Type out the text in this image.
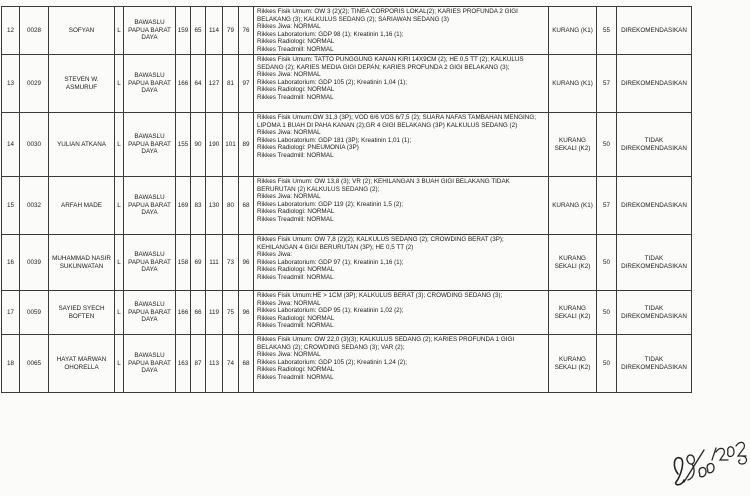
12	0028	SOFYAN	L	BAWASLU PAPUA BARAT DAYA	159	65	114	79	76	Rikkes Fisik Umum: OW 3 (2)(2); TINEA CORPORIS LOKAL(2); KARIES PROFUNDA 2 GIGI BELAKANG (3); KALKULUS SEDANG (2); SARIAWAN SEDANG (3)
Rikkes Jiwa: NORMAL
Rikkes Laboratorium: GDP 98 (1); Kreatinin 1,16 (1);
Rikkes Radiologi: NORMAL
Rikkes Treadmill: NORMAL	KURANG (K1)	55	DIREKOMENDASIKAN
13	0029	STEVEN W. ASMURUF	L	BAWASLU PAPUA BARAT DAYA	166	64	127	81	97	Rikkes Fisik Umum: TATTO PUNGGUNG KANAN KIRI 14X9CM (2); HE 0,5 TT (2); KALKULUS SEDANG (2); KARIES MEDIA GIGI DEPAN; KARIES PROFUNDA 2 GIGI BELAKANG (3);
Rikkes Jiwa: NORMAL
Rikkes Laboratorium: GDP 105 (2); Kreatinin 1,04 (1);
Rikkes Radiologi: NORMAL
Rikkes Treadmill: NORMAL	KURANG (K1)	57	DIREKOMENDASIKAN
14	0030	YULIAN ATKANA	L	BAWASLU PAPUA BARAT DAYA	155	90	190	101	89	Rikkes Fisik Umum:OW 31,3 (3P); VOD 6/6 VOS 6/7,5 (2); SUARA NAFAS TAMBAHAN MENGING; LIPOMA 1 BUAH DI PAHA KANAN (2);GR 4 GIGI BELAKANG (3P) KALKULUS SEDANG (2)
Rikkes Jiwa: NORMAL
Rikkes Laboratorium: GDP 181 (3P); Kreatinin 1,01 (1);
Rikkes Radiologi: PNEUMONIA (3P)
Rikkes Treadmill: NORMAL	KURANG SEKALI (K2)	50	TIDAK DIREKOMENDASIKAN
15	0032	ARFAH MADE	L	BAWASLU PAPUA BARAT DAYA	169	83	130	80	68	Rikkes Fisik Umum: OW 13,8 (3); VR (2); KEHILANGAN 3 BUAH GIGI BELAKANG TIDAK BERURUTAN (2) KALKULUS SEDANG (2);
Rikkes Jiwa: NORMAL
Rikkes Laboratorium: GDP 119 (2); Kreatinin 1,5 (2);
Rikkes Radiologi: NORMAL
Rikkes Treadmill: NORMAL	KURANG (K1)	57	DIREKOMENDASIKAN
16	0039	MUHAMMAD NASIR SUKUNWATAN	L	BAWASLU PAPUA BARAT DAYA	158	69	111	73	96	Rikkes Fisik Umum: OW 7,8 (2)(2); KALKULUS SEDANG (2); CROWDING BERAT (3P); KEHILANGAN 4 GIGI BERURUTAN (3P); HE 0,5 TT (2)
Rikkes Jiwa:
Rikkes Laboratorium: GDP 97 (1); Kreatinin 1,16 (1);
Rikkes Radiologi: NORMAL
Rikkes Treadmill: NORMAL	KURANG SEKALI (K2)	50	TIDAK DIREKOMENDASIKAN
17	0059	SAYIED SYECH BOFTEN	L	BAWASLU PAPUA BARAT DAYA	166	66	119	75	96	Rikkes Fisik Umum:HE > 1CM (3P); KALKULUS BERAT (3); CROWDING SEDANG (3);
Rikkes Jiwa: NORMAL
Rikkes Laboratorium: GDP 95 (1); Kreatinin 1,02 (2);
Rikkes Radiologi: NORMAL
Rikkes Treadmill: NORMAL	KURANG SEKALI (K2)	50	TIDAK DIREKOMENDASIKAN
18	0065	HAYAT MARWAN OHORELLA	L	BAWASLU PAPUA BARAT DAYA	163	87	113	74	68	Rikkes Fisik Umum: OW 22,0 (3)(3); KALKULUS SEDANG (2); KARIES PROFUNDA 1 GIGI BELAKANG (2); CROWDING SEDANG (3); VAR (2);
Rikkes Jiwa: NORMAL
Rikkes Laboratorium: GDP 105 (2); Kreatinin 1,24 (2);
Rikkes Radiologi: NORMAL
Rikkes Treadmill: NORMAL	KURANG SEKALI (K2)	50	TIDAK DIREKOMENDASIKAN
